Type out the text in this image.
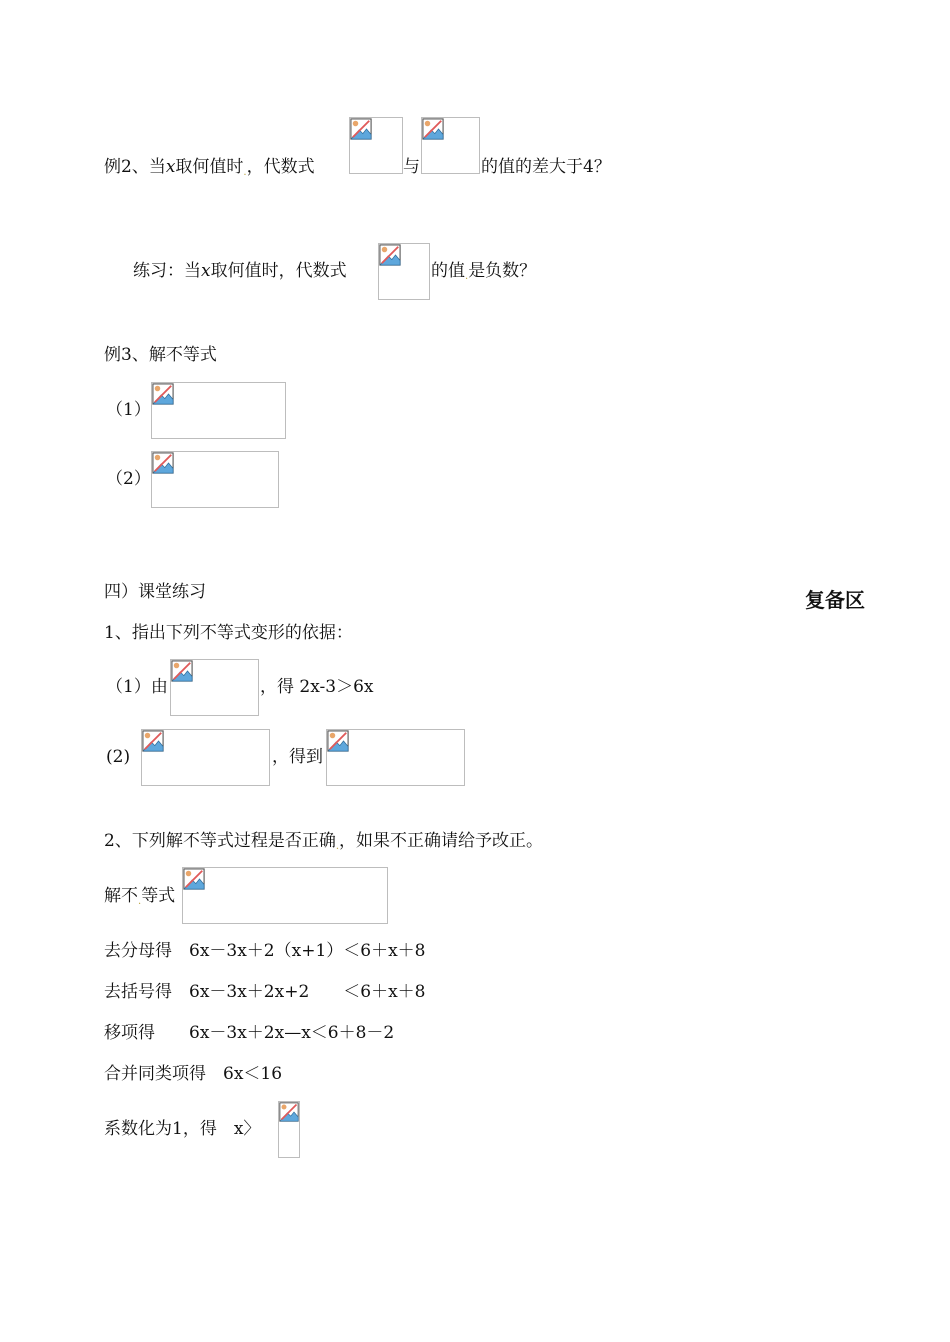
例2、当x取何值时.，代数式	与	的值的差大于4？
练习：当x取何值时，代数式	的值.是负数？
例3、解不等式
（1）
（2）
四）课堂练习	复备区
1、指出下列不等式变形的依据：
（1）由	，得 2x-3＞6x
(2)	，得到
2、下列解不等式过程是否正确.，如果不正确请给予改正。
解不.等式
去分母得　6x－3x＋2（x+1）＜6＋x＋8
去括号得　6x－3x＋2x+2　　＜6＋x＋8
移项得　　6x－3x＋2x—x＜6＋8－2
合并同类项得　6x＜16
系数化为1，得　x〉
